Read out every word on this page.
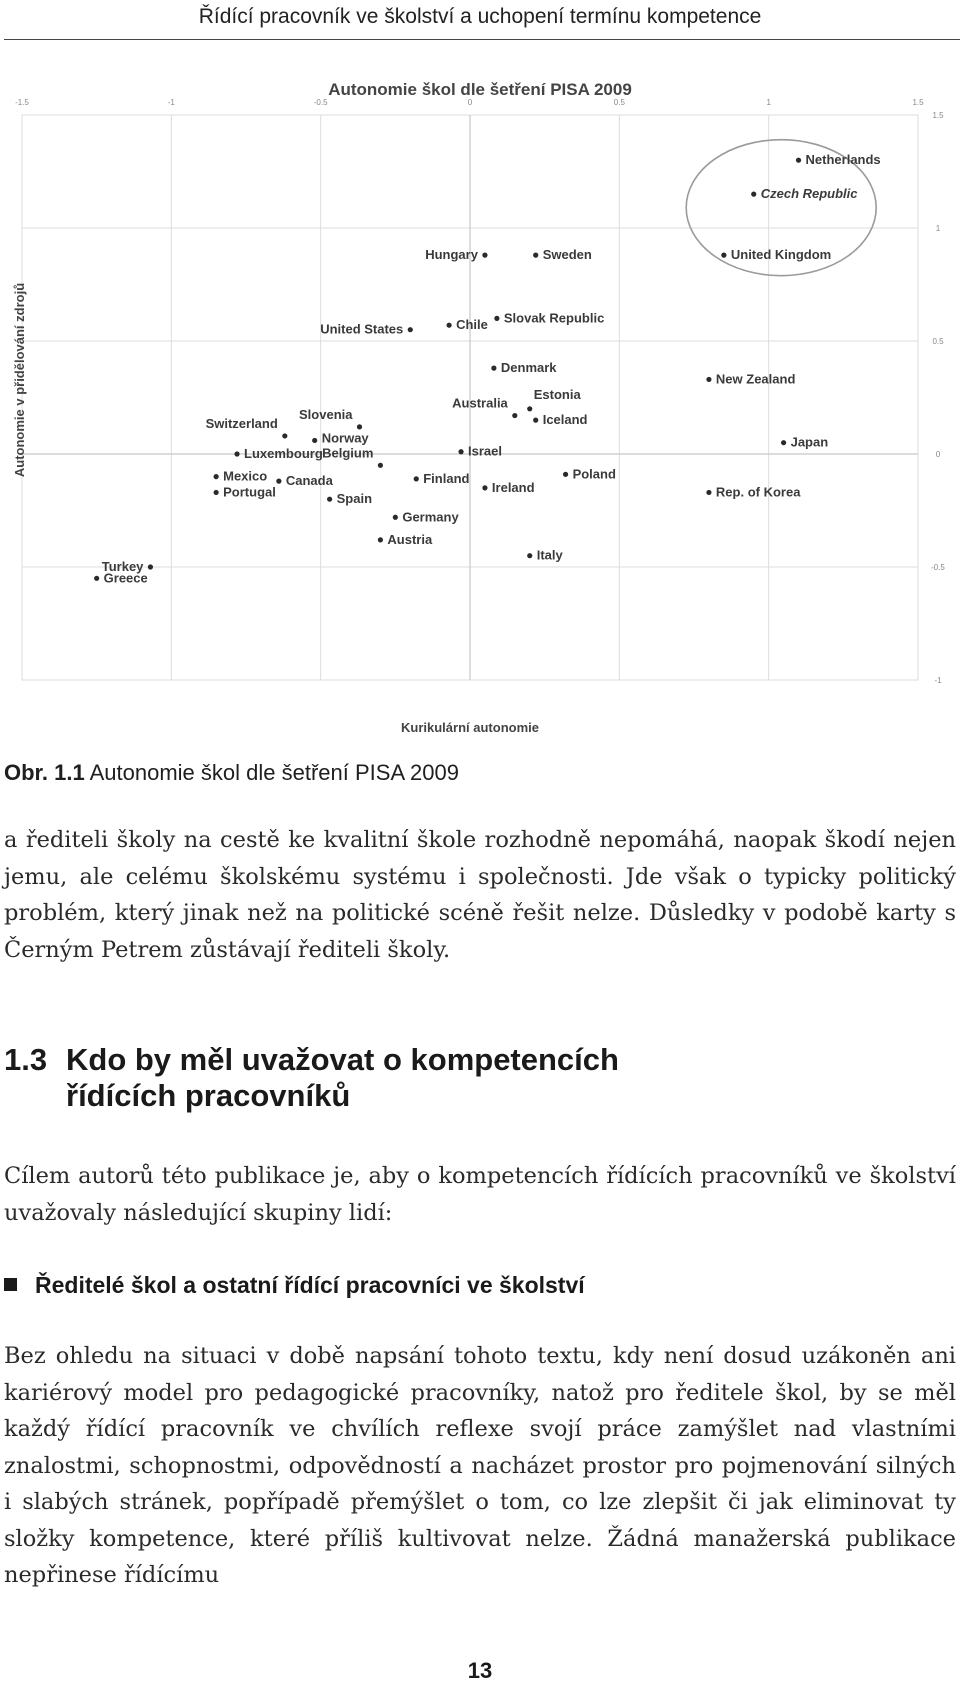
Řídící pracovník ve školství a uchopení termínu kompetence
Autonomie škol dle šetření PISA 2009
-1.5	-1	-0.5	0	0.5	1	1.5
1.5
1
0.5
0
-0.5
-1
Netherlands
Czech Republic
United Kingdom
Hungary	Sweden
Slovak Republic
Chile
United States
Denmark
New Zealand
Estonia
Australia
Iceland
Slovenia
Switzerland
Norway	Japan
Luxembourg	Israel
Belgium
Mexico Canada	Finland
Ireland
Poland
Rep. of Korea
Portugal	Spain
Germany
Austria
Italy
Turkey
Greece
Kurikulární autonomie
Autonomie v přidělování zdrojů
Obr. 1.1 Autonomie škol dle šetření PISA 2009
a řediteli školy na cestě ke kvalitní škole rozhodně nepomáhá, naopak škodí nejen jemu, ale celému školskému systému i společnosti. Jde však o typicky politický problém, který jinak než na politické scéně řešit nelze. Důsledky v podobě karty s Černým Petrem zůstávají řediteli školy.
1.3 Kdo by měl uvažovat o kompetencích
řídících pracovníků
Cílem autorů této publikace je, aby o kompetencích řídících pracovníků ve školství uvažovaly následující skupiny lidí:
Ředitelé škol a ostatní řídící pracovníci ve školství
Bez ohledu na situaci v době napsání tohoto textu, kdy není dosud uzákoněn ani kariérový model pro pedagogické pracovníky, natož pro ředitele škol, by se měl každý řídící pracovník ve chvílích reflexe svojí práce zamýšlet nad vlastními znalostmi, schopnostmi, odpovědností a nacházet prostor pro pojmenování silných i slabých stránek, popřípadě přemýšlet o tom, co lze zlepšit či jak eliminovat ty složky kompetence, které příliš kultivovat nelze. Žádná manažerská publikace nepřinese řídícímu
13
